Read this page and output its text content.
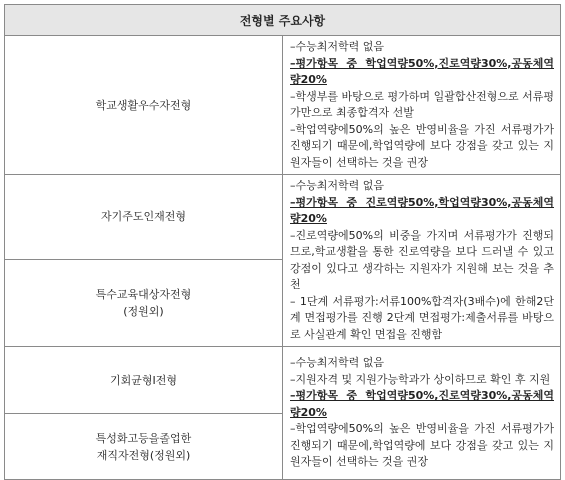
전형별 주요사항	
학교생활우수자전형	–수능최저학력 없음
–평가항목 중 학업역량50%,진로역량30%,공동체역량20%
–학생부를 바탕으로 평가하며 일괄합산전형으로 서류평가만으로 최종합격자 선발
–학업역량에50%의 높은 반영비율을 가진 서류평가가 진행되기 때문에,학업역량에 보다 강점을 갖고 있는 지원자들이 선택하는 것을 권장

자기주도인재전형	–수능최저학력 없음
–평가항목 중 진로역량50%,학업역량30%,공동체역량20%
–진로역량에50%의 비중을 가지며 서류평가가 진행되므로,학교생활을 통한 진로역량을 보다 드러낼 수 있고 강점이 있다고 생각하는 지원자가 지원해 보는 것을 추천
– 1단계 서류평가:서류100%합격자(3배수)에 한해2단계 면접평가를 진행 2단계 면접평가:제출서류를 바탕으로 사실관계 확인 면접을 진행함

특수교육대상자전형
(정원외)	
기회균형Ⅰ전형	–수능최저학력 없음
–지원자격 및 지원가능학과가 상이하므로 확인 후 지원
–평가항목 중 학업역량50%,진로역량30%,공동체역량20%
–학업역량에50%의 높은 반영비율을 가진 서류평가가 진행되기 때문에,학업역량에 보다 강점을 갖고 있는 지원자들이 선택하는 것을 권장

특성화고등을졸업한
재직자전형(정원외)	
